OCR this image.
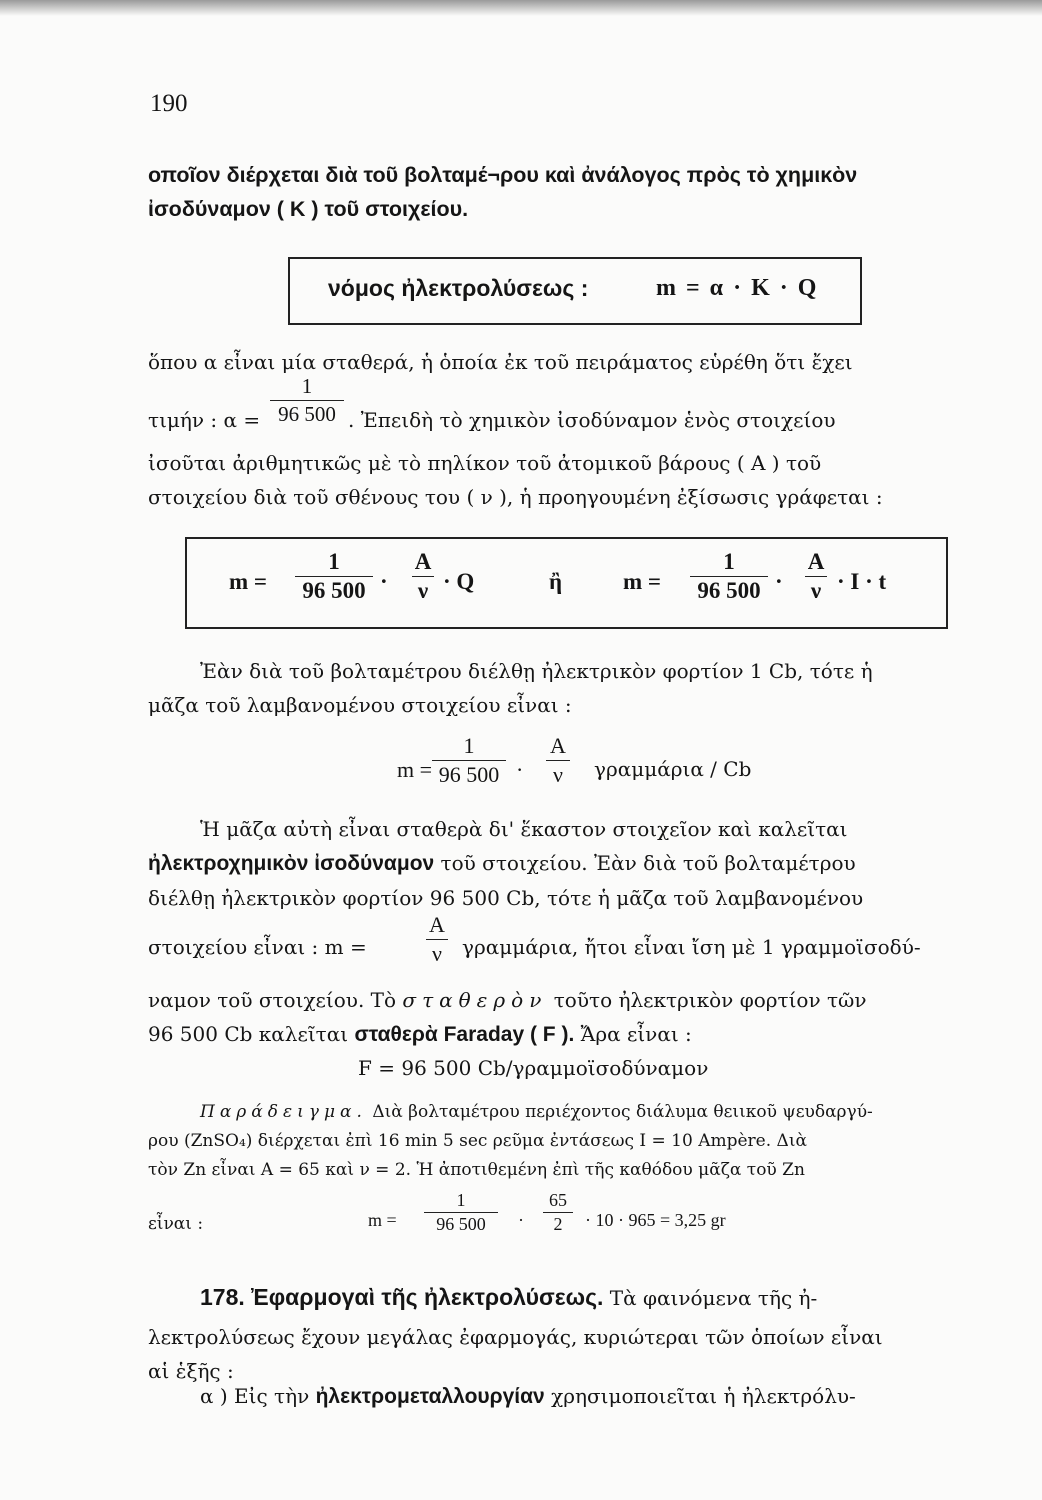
190
οποῖον διέρχεται διὰ τοῦ βολταμέ¬ρου καὶ ἀνάλογος πρὸς τὸ χημικὸν
ἰσοδύναμον ( Κ ) τοῦ στοιχείου.
νόμος ἠλεκτρολύσεως :	m = α · K · Q
ὅπου α εἶναι μία σταθερά, ἡ ὁποία ἐκ τοῦ πειράματος εὑρέθη ὅτι ἔχει
τιμήν : α =
1
96 500 . Ἐπειδὴ τὸ χημικὸν ἰσοδύναμον ἑνὸς στοιχείου
ἰσοῦται ἀριθμητικῶς μὲ τὸ πηλίκον τοῦ ἀτομικοῦ βάρους ( Α ) τοῦ
στοιχείου διὰ τοῦ σθένους του ( ν ), ἡ προηγουμένη ἐξίσωσις γράφεται :
m =
1
96 500 ·
A
ν · Q	ἢ	m =
1
96 500 ·
A
ν · I · t
Ἐὰν διὰ τοῦ βολταμέτρου διέλθῃ ἠλεκτρικὸν φορτίον 1 Cb, τότε ἡ
μᾶζα τοῦ λαμβανομένου στοιχείου εἶναι :
m =
1
96 500 ·
A
ν	γραμμάρια / Cb
Ἡ μᾶζα αὐτὴ εἶναι σταθερὰ δι' ἕκαστον στοιχεῖον καὶ καλεῖται
ἠλεκτροχημικὸν ἰσοδύναμον τοῦ στοιχείου. Ἐὰν διὰ τοῦ βολταμέτρου
διέλθῃ ἠλεκτρικὸν φορτίον 96 500 Cb, τότε ἡ μᾶζα τοῦ λαμβανομένου
στοιχείου εἶναι : m =
A
ν	γραμμάρια, ἤτοι εἶναι ἴση μὲ 1 γραμμοϊσοδύ-
ναμον τοῦ στοιχείου. Τὸ σταθερὸν τοῦτο ἠλεκτρικὸν φορτίον τῶν
96 500 Cb καλεῖται σταθερὰ Faraday ( F ). Ἄρα εἶναι :
F = 96 500 Cb/γραμμοϊσοδύναμον
Παράδειγμα. Διὰ βολταμέτρου περιέχοντος διάλυμα θειικοῦ ψευδαργύ-
ρου (ZnSO₄) διέρχεται ἐπὶ 16 min 5 sec ρεῦμα ἐντάσεως I = 10 Ampère. Διὰ
τὸν Zn εἶναι A = 65 καὶ ν = 2. Ἡ ἀποτιθεμένη ἐπὶ τῆς καθόδου μᾶζα τοῦ Zn
εἶναι :	m =
1
96 500	·
65
2	· 10 · 965 = 3,25 gr
178. Ἐφαρμογαὶ τῆς ἠλεκτρολύσεως. Τὰ φαινόμενα τῆς ἠ-
λεκτρολύσεως ἔχουν μεγάλας ἐφαρμογάς, κυριώτεραι τῶν ὁποίων εἶναι
αἱ ἑξῆς :
α ) Εἰς τὴν ἠλεκτρομεταλλουργίαν χρησιμοποιεῖται ἡ ἠλεκτρόλυ-
